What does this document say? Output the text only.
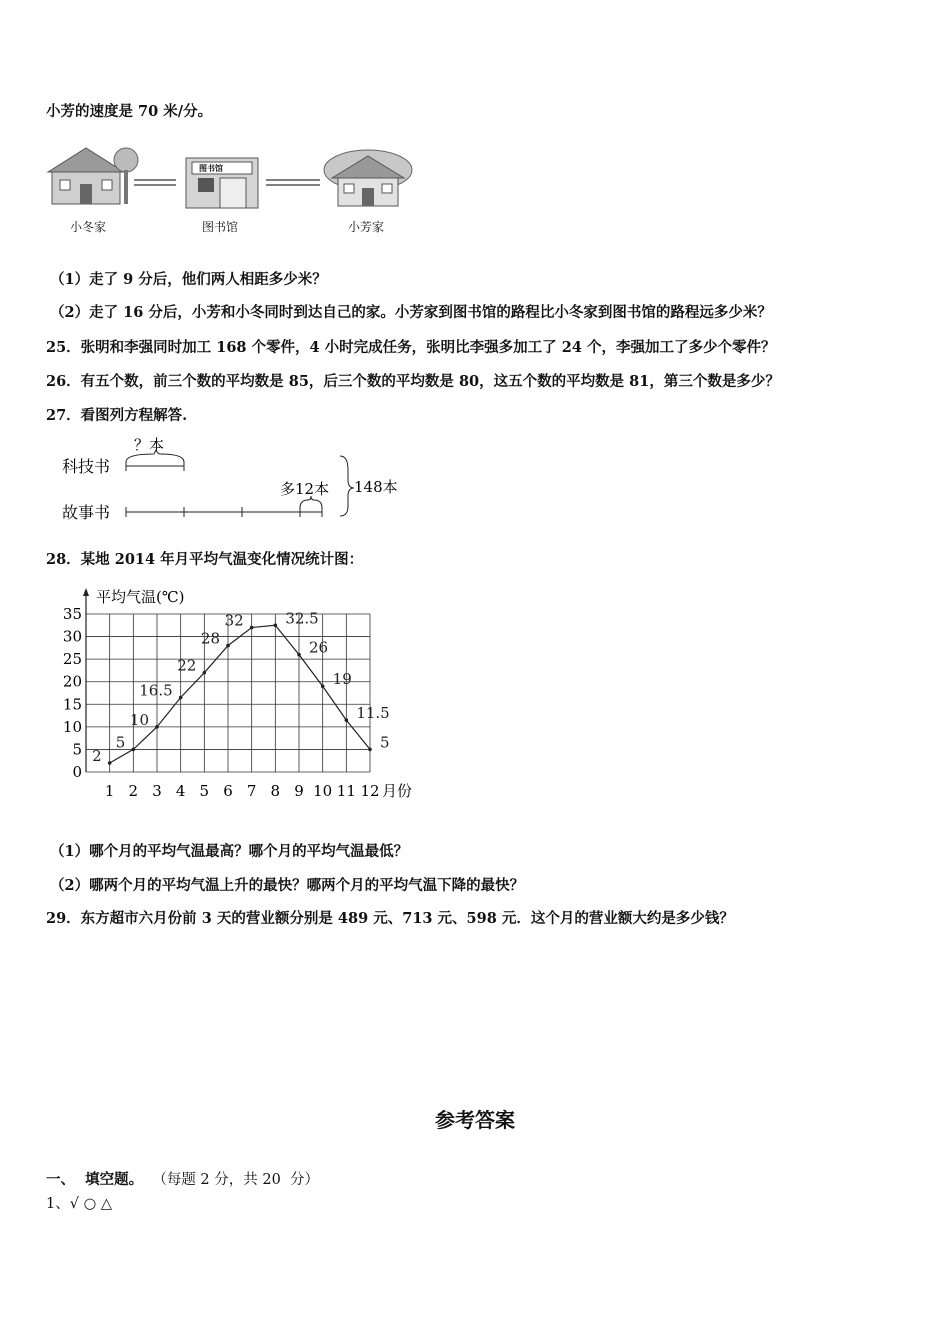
小芳的速度是 70 米/分。
图书馆
小冬家	图书馆	小芳家
（1）走了 9 分后，他们两人相距多少米？
（2）走了 16 分后，小芳和小冬同时到达自己的家。小芳家到图书馆的路程比小冬家到图书馆的路程远多少米？
25．张明和李强同时加工 168 个零件，4 小时完成任务，张明比李强多加工了 24 个，李强加工了多少个零件？
26．有五个数，前三个数的平均数是 85，后三个数的平均数是 80，这五个数的平均数是 81，第三个数是多少？
27．看图列方程解答.
科技书
故事书
？本
多12本 148本
28．某地 2014 年月平均气温变化情况统计图：
平均气温(℃)
月份
0
5
10
15
20
25
30
35
1 2 3 4 5 6 7 8 9 10 11 12
2
5
10
16.5
22
28
32	32.5
26
19
11.5
5
（1）哪个月的平均气温最高？哪个月的平均气温最低？
（2）哪两个月的平均气温上升的最快？哪两个月的平均气温下降的最快？
29．东方超市六月份前 3 天的营业额分别是 489 元、713 元、598 元．这个月的营业额大约是多少钱？
参考答案
一、  填空题。 （每题 2 分，共 20  分）
1、√ ○ △
